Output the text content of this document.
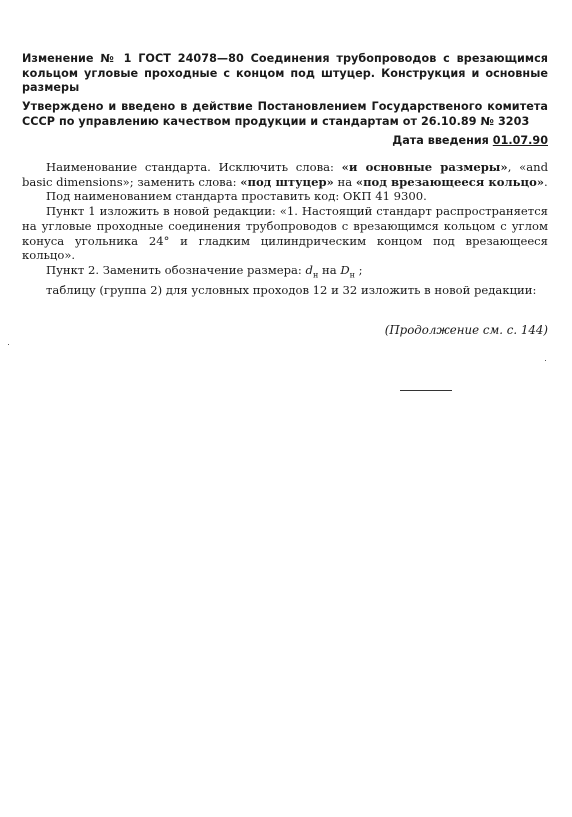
Изменение № 1 ГОСТ 24078—80 Соединения трубопроводов с врезающимся кольцом угловые проходные с концом под штуцер. Конструкция и основные размеры
Утверждено и введено в действие Постановлением Государственого комитета СССР по управлению качеством продукции и стандартам от 26.10.89 № 3203
Дата введения 01.07.90

Наименование стандарта. Исключить слова: «и основные размеры», «and basic dimensions»; заменить слова: «под штуцер» на «под врезающееся кольцо».

Под наименованием стандарта проставить код: ОКП 41 9300.

Пункт 1 изложить в новой редакции: «1. Настоящий стандарт распространяется на угловые проходные соединения трубопроводов с врезающимся кольцом с углом конуса угольника 24° и гладким цилиндрическим концом под врезающееся кольцо».

Пункт 2. Заменить обозначение размера: $d_н$ на $D_н$ ;

таблицу (группа 2) для условных проходов 12 и 32 изложить в новой редакции:

(Продолжение см. с. 144)
